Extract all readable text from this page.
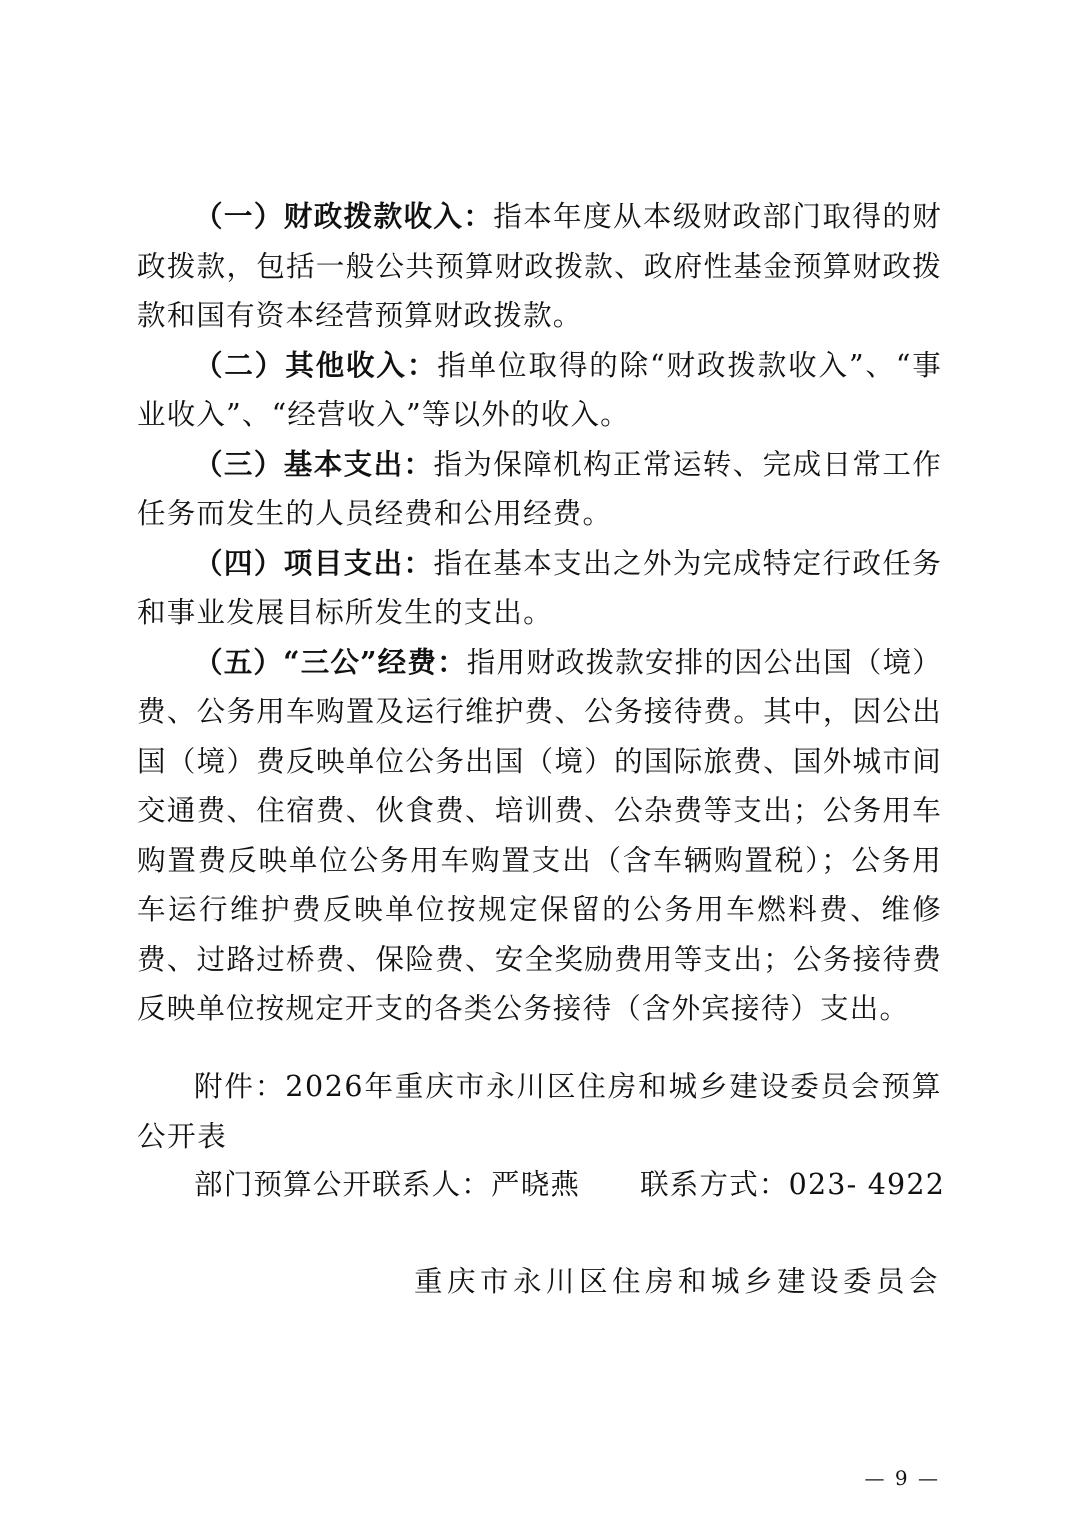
（一）财政拨款收入：指本年度从本级财政部门取得的财政拨款，包括一般公共预算财政拨款、政府性基金预算财政拨款和国有资本经营预算财政拨款。

（二）其他收入：指单位取得的除“财政拨款收入”、“事业收入”、“经营收入”等以外的收入。

（三）基本支出：指为保障机构正常运转、完成日常工作任务而发生的人员经费和公用经费。

（四）项目支出：指在基本支出之外为完成特定行政任务和事业发展目标所发生的支出。

（五）“三公”经费：指用财政拨款安排的因公出国（境）费、公务用车购置及运行维护费、公务接待费。其中，因公出国（境）费反映单位公务出国（境）的国际旅费、国外城市间交通费、住宿费、伙食费、培训费、公杂费等支出；公务用车购置费反映单位公务用车购置支出（含车辆购置税）；公务用车运行维护费反映单位按规定保留的公务用车燃料费、维修费、过路过桥费、保险费、安全奖励费用等支出；公务接待费反映单位按规定开支的各类公务接待（含外宾接待）支出。

附件：2026年重庆市永川区住房和城乡建设委员会预算公开表

部门预算公开联系人：严晓燕 联系方式：023- 4922
重庆市永川区住房和城乡建设委员会
— 9 —
